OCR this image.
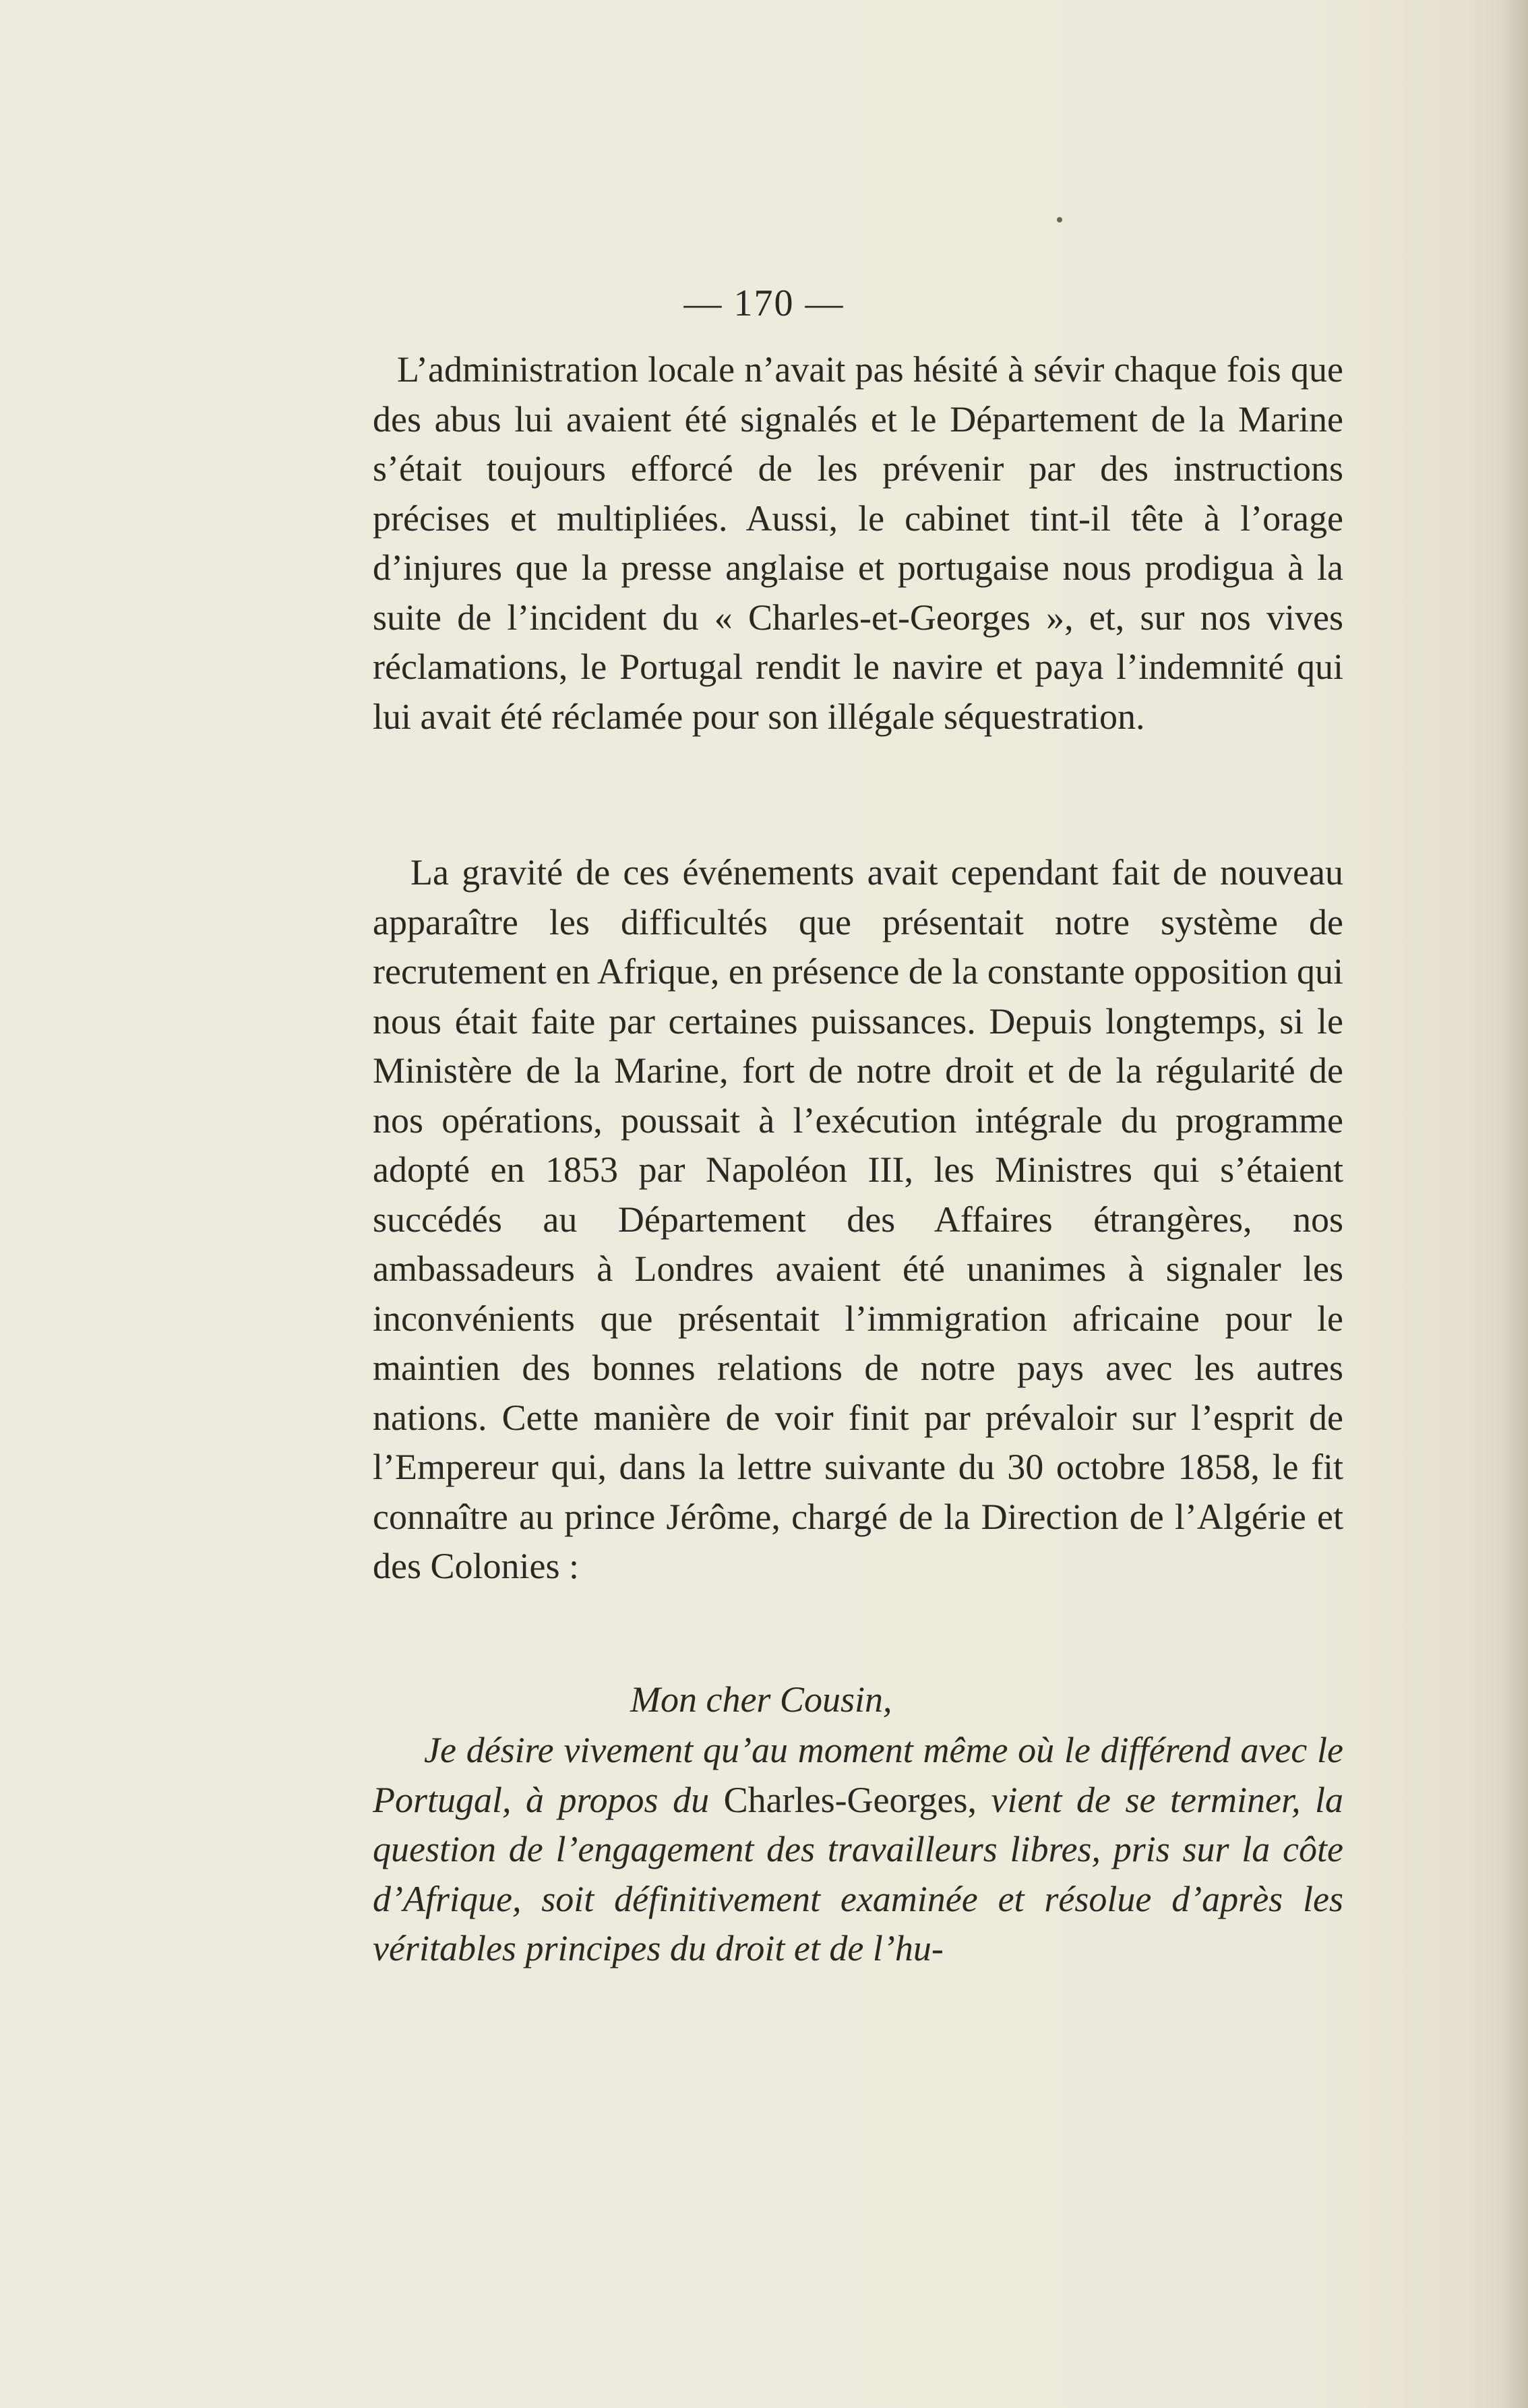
— 170 —

L’administration locale n’avait pas hésité à sévir chaque fois que des abus lui avaient été signalés et le Département de la Marine s’était toujours efforcé de les prévenir par des instructions précises et multipliées. Aussi, le cabinet tint-il tête à l’orage d’injures que la presse anglaise et portugaise nous prodigua à la suite de l’incident du « Charles-et-Georges », et, sur nos vives réclamations, le Portugal rendit le navire et paya l’indemnité qui lui avait été réclamée pour son illégale séquestration.

La gravité de ces événements avait cependant fait de nouveau apparaître les difficultés que présentait notre système de recrutement en Afrique, en présence de la constante opposition qui nous était faite par certaines puissances. Depuis longtemps, si le Ministère de la Marine, fort de notre droit et de la régularité de nos opérations, poussait à l’exécution intégrale du programme adopté en 1853 par Napoléon III, les Ministres qui s’étaient succédés au Département des Affaires étrangères, nos ambassadeurs à Londres avaient été unanimes à signaler les inconvénients que présentait l’immigration africaine pour le maintien des bonnes relations de notre pays avec les autres nations. Cette manière de voir finit par prévaloir sur l’esprit de l’Empereur qui, dans la lettre suivante du 30 octobre 1858, le fit connaître au prince Jérôme, chargé de la Direction de l’Algérie et des Colonies :

Mon cher Cousin,

Je désire vivement qu’au moment même où le différend avec le Portugal, à propos du Charles-Georges, vient de se terminer, la question de l’engagement des travailleurs libres, pris sur la côte d’Afrique, soit définitivement examinée et résolue d’après les véritables principes du droit et de l’hu-
